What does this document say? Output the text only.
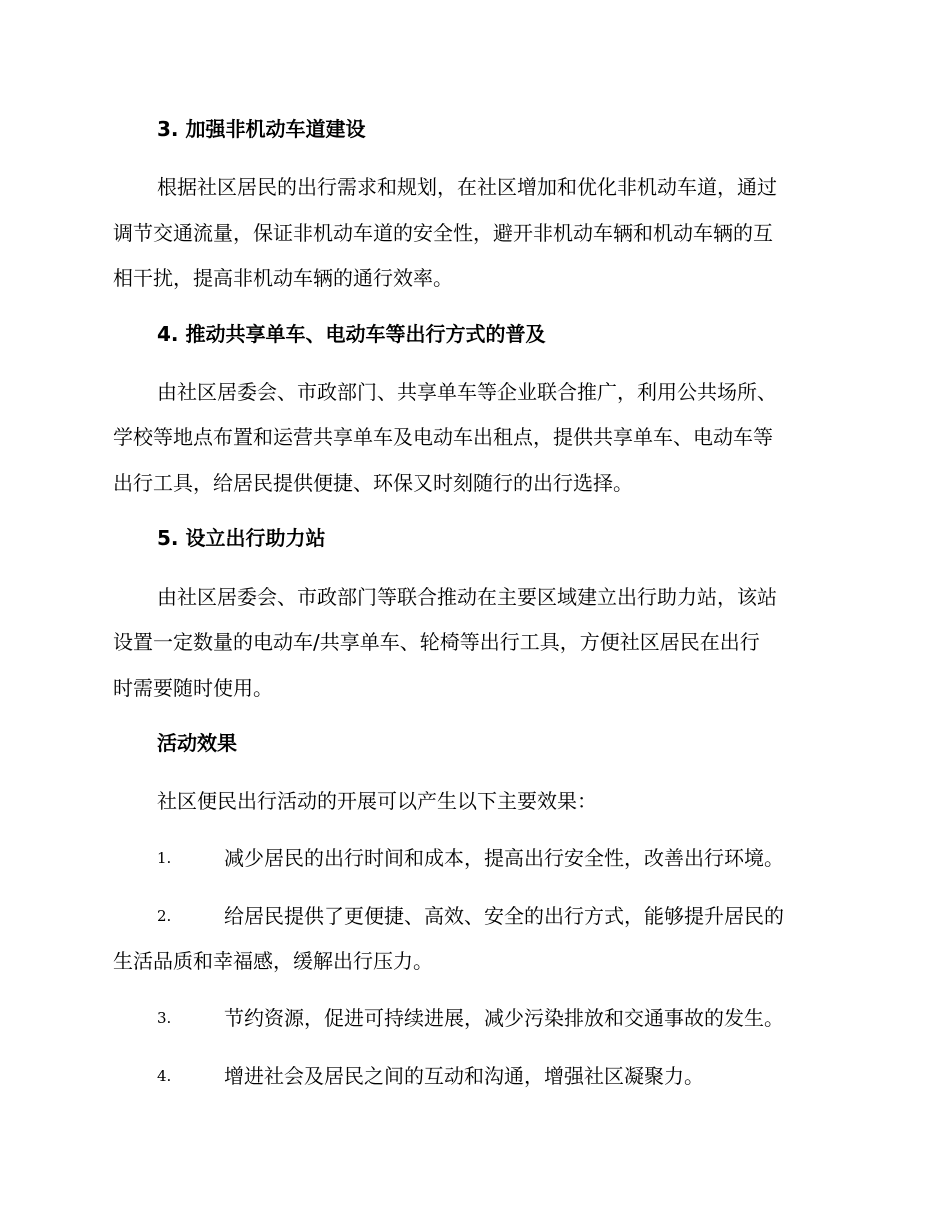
3. 加强非机动车道建设
根据社区居民的出行需求和规划，在社区增加和优化非机动车道，通过
调节交通流量，保证非机动车道的安全性，避开非机动车辆和机动车辆的互
相干扰，提高非机动车辆的通行效率。
4. 推动共享单车、电动车等出行方式的普及
由社区居委会、市政部门、共享单车等企业联合推广，利用公共场所、
学校等地点布置和运营共享单车及电动车出租点，提供共享单车、电动车等
出行工具，给居民提供便捷、环保又时刻随行的出行选择。
5. 设立出行助力站
由社区居委会、市政部门等联合推动在主要区域建立出行助力站，该站
设置一定数量的电动车/共享单车、轮椅等出行工具，方便社区居民在出行
时需要随时使用。
活动效果
社区便民出行活动的开展可以产生以下主要效果：
1.	减少居民的出行时间和成本，提高出行安全性，改善出行环境。
2.	给居民提供了更便捷、高效、安全的出行方式，能够提升居民的
生活品质和幸福感，缓解出行压力。
3.	节约资源，促进可持续进展，减少污染排放和交通事故的发生。
4.	增进社会及居民之间的互动和沟通，增强社区凝聚力。
